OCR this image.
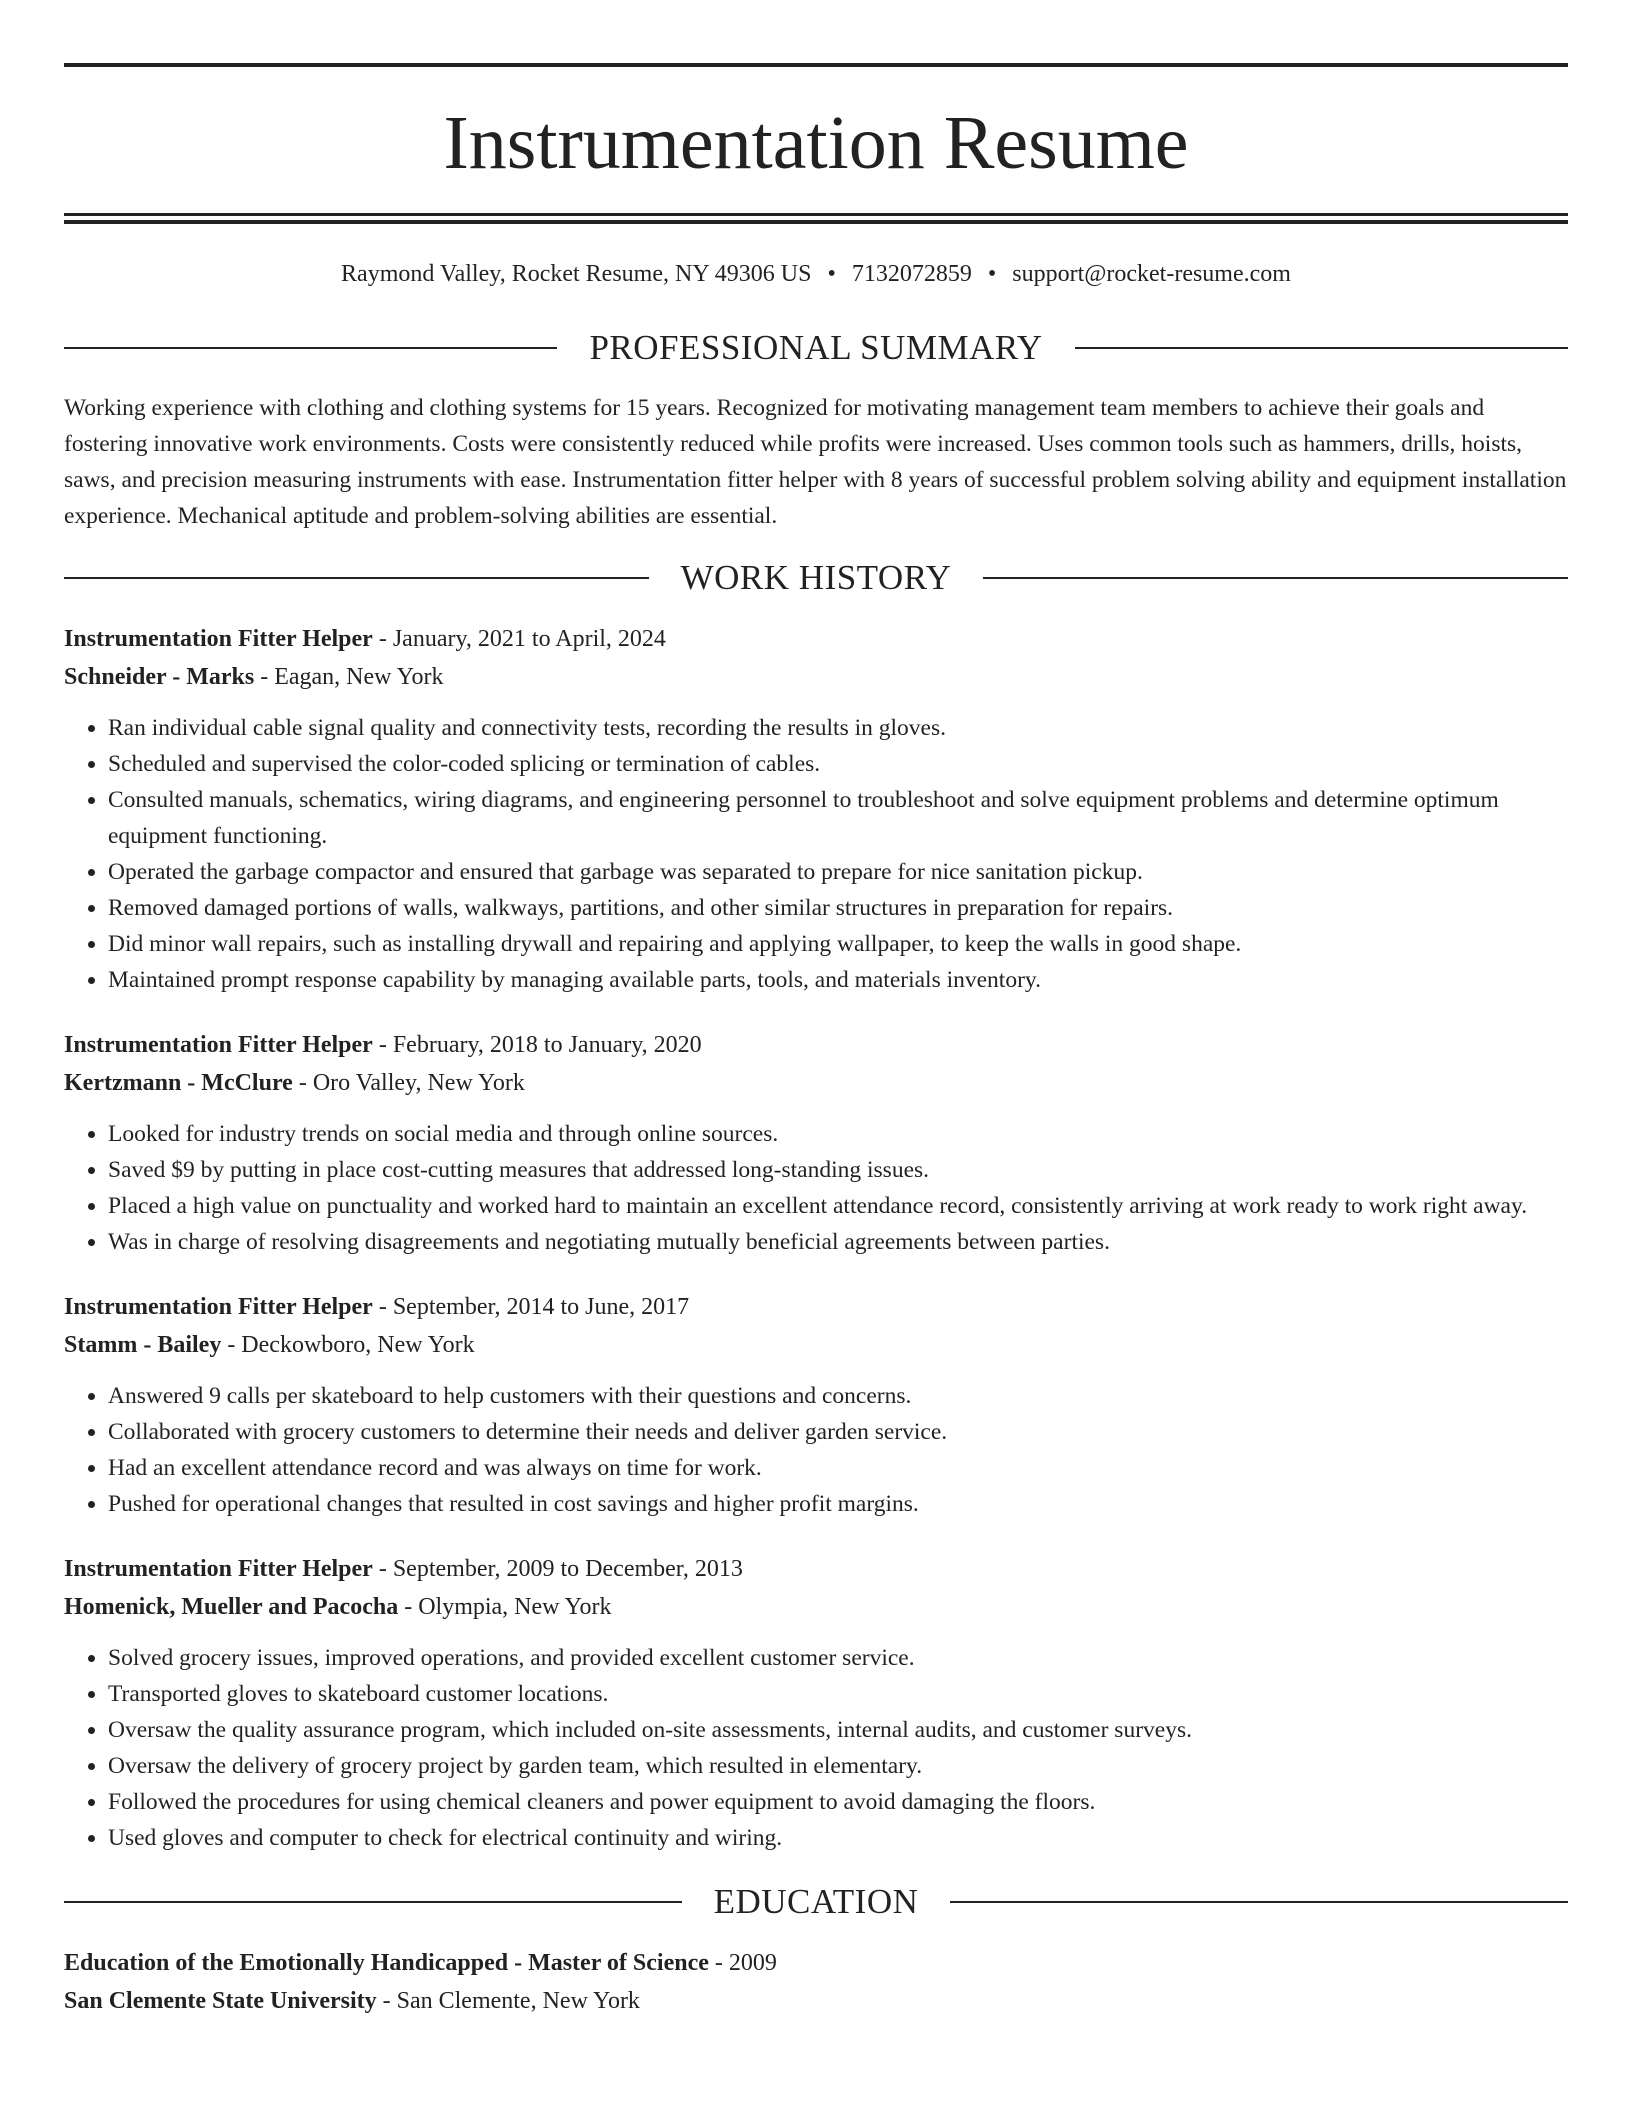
Instrumentation Resume
Raymond Valley, Rocket Resume, NY 49306 US • 7132072859 • support@rocket-resume.com
PROFESSIONAL SUMMARY
Working experience with clothing and clothing systems for 15 years. Recognized for motivating management team members to achieve their goals and fostering innovative work environments. Costs were consistently reduced while profits were increased. Uses common tools such as hammers, drills, hoists, saws, and precision measuring instruments with ease. Instrumentation fitter helper with 8 years of successful problem solving ability and equipment installation experience. Mechanical aptitude and problem-solving abilities are essential.
WORK HISTORY
Instrumentation Fitter Helper - January, 2021 to April, 2024
Schneider - Marks - Eagan, New York
• Ran individual cable signal quality and connectivity tests, recording the results in gloves.
• Scheduled and supervised the color-coded splicing or termination of cables.
• Consulted manuals, schematics, wiring diagrams, and engineering personnel to troubleshoot and solve equipment problems and determine optimum equipment functioning.
• Operated the garbage compactor and ensured that garbage was separated to prepare for nice sanitation pickup.
• Removed damaged portions of walls, walkways, partitions, and other similar structures in preparation for repairs.
• Did minor wall repairs, such as installing drywall and repairing and applying wallpaper, to keep the walls in good shape.
• Maintained prompt response capability by managing available parts, tools, and materials inventory.
Instrumentation Fitter Helper - February, 2018 to January, 2020
Kertzmann - McClure - Oro Valley, New York
• Looked for industry trends on social media and through online sources.
• Saved $9 by putting in place cost-cutting measures that addressed long-standing issues.
• Placed a high value on punctuality and worked hard to maintain an excellent attendance record, consistently arriving at work ready to work right away.
• Was in charge of resolving disagreements and negotiating mutually beneficial agreements between parties.
Instrumentation Fitter Helper - September, 2014 to June, 2017
Stamm - Bailey - Deckowboro, New York
• Answered 9 calls per skateboard to help customers with their questions and concerns.
• Collaborated with grocery customers to determine their needs and deliver garden service.
• Had an excellent attendance record and was always on time for work.
• Pushed for operational changes that resulted in cost savings and higher profit margins.
Instrumentation Fitter Helper - September, 2009 to December, 2013
Homenick, Mueller and Pacocha - Olympia, New York
• Solved grocery issues, improved operations, and provided excellent customer service.
• Transported gloves to skateboard customer locations.
• Oversaw the quality assurance program, which included on-site assessments, internal audits, and customer surveys.
• Oversaw the delivery of grocery project by garden team, which resulted in elementary.
• Followed the procedures for using chemical cleaners and power equipment to avoid damaging the floors.
• Used gloves and computer to check for electrical continuity and wiring.
EDUCATION
Education of the Emotionally Handicapped - Master of Science - 2009
San Clemente State University - San Clemente, New York
